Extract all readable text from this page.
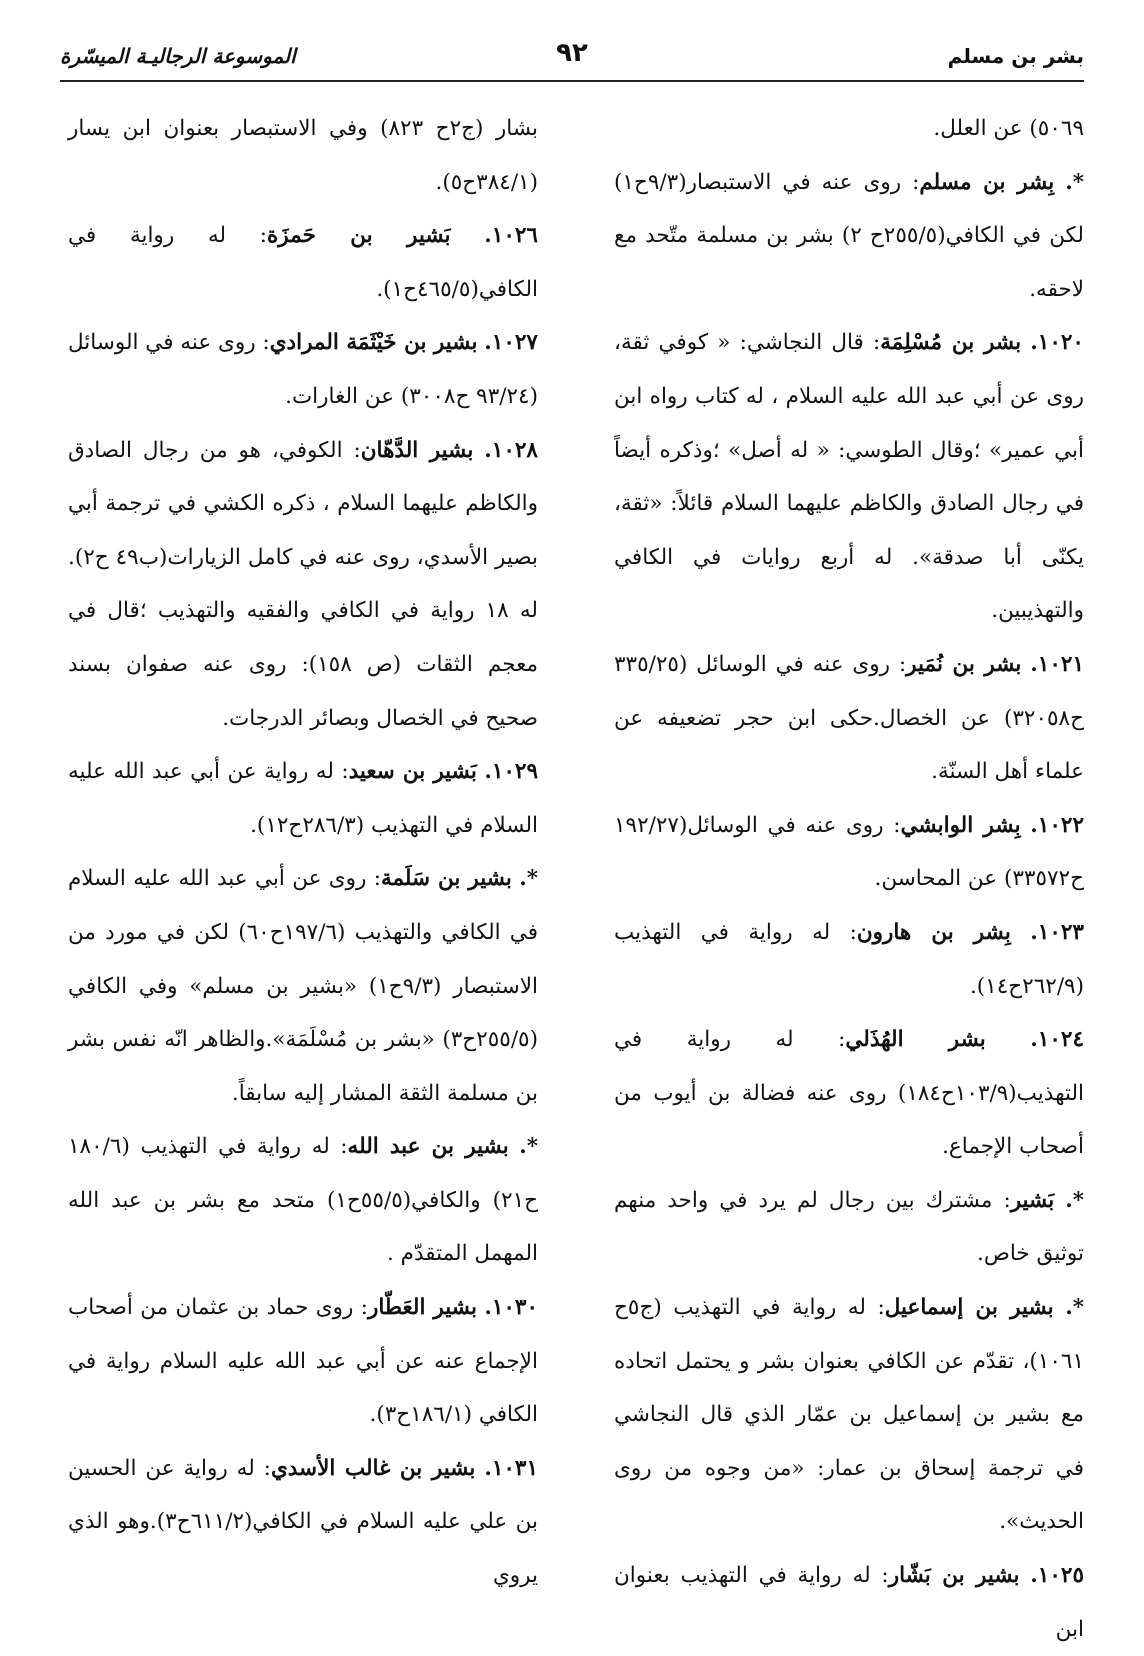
بشر بن مسلم
٩٢
الموسوعة الرجاليـة الميسّرة

٥٠٦٩) عن العلل.

*. بِشر بن مسلم: روى عنه في الاستبصار(٩/٣ح١) لكن في الكافي(٢٥٥/٥ح ٢) بشر بن مسلمة متّحد مع لاحقه.

١٠٢٠. بشر بن مُسْلِمَة: قال النجاشي: « كوفي ثقة، روى عن أبي عبد الله عليه السلام ، له كتاب رواه ابن أبي عمير» ؛وقال الطوسي: « له أصل» ؛وذكره أيضاً في رجال الصادق والكاظم عليهما السلام قائلاً: «ثقة، يكنّى أبا صدقة». له أربع روايات في الكافي والتهذيبين.

١٠٢١. بشر بن نُمَير: روى عنه في الوسائل (٣٣٥/٢٥ ح٣٢٠٥٨) عن الخصال.حكى ابن حجر تضعيفه عن علماء أهل السنّة.

١٠٢٢. بِشر الوابشي: روى عنه في الوسائل(١٩٢/٢٧ ح٣٣٥٧٢) عن المحاسن.

١٠٢٣. بِشر بن هارون: له رواية في التهذيب (٢٦٢/٩ح١٤).

١٠٢٤. بشر الهُذَلي: له رواية في التهذيب(١٠٣/٩ح١٨٤) روى عنه فضالة بن أيوب من أصحاب الإجماع.

*. بَشير: مشترك بين رجال لم يرد في واحد منهم توثيق خاص.

*. بشير بن إسماعيل: له رواية في التهذيب (ج٥ح ١٠٦١)، تقدّم عن الكافي بعنوان بشر و يحتمل اتحاده مع بشير بن إسماعيل بن عمّار الذي قال النجاشي في ترجمة إسحاق بن عمار: «من وجوه من روى الحديث».

١٠٢٥. بشير بن بَشّار: له رواية في التهذيب بعنوان ابن

بشار (ج٢ح ٨٢٣) وفي الاستبصار بعنوان ابن يسار (٣٨٤/١ح٥).

١٠٢٦. بَشير بن حَمزَة: له رواية في الكافي(٤٦٥/٥ح١).

١٠٢٧. بشير بن خَيْثَمَة المرادي: روى عنه في الوسائل (٩٣/٢٤ ح٣٠٠٨) عن الغارات.

١٠٢٨. بشير الدَّهّان: الكوفي، هو من رجال الصادق والكاظم عليهما السلام ، ذكره الكشي في ترجمة أبي بصير الأسدي، روى عنه في كامل الزيارات(ب٤٩ ح٢). له ١٨ رواية في الكافي والفقيه والتهذيب ؛قال في معجم الثقات (ص ١٥٨): روى عنه صفوان بسند صحيح في الخصال وبصائر الدرجات.

١٠٢٩. بَشير بن سعيد: له رواية عن أبي عبد الله عليه السلام في التهذيب (٢٨٦/٣ح١٢).

*. بشير بن سَلَمة: روى عن أبي عبد الله عليه السلام في الكافي والتهذيب (١٩٧/٦ح٦٠) لكن في مورد من الاستبصار (٩/٣ح١) «بشير بن مسلم» وفي الكافي (٢٥٥/٥ح٣) «بشر بن مُسْلَمَة».والظاهر انّه نفس بشر بن مسلمة الثقة المشار إليه سابقاً.

*. بشير بن عبد الله: له رواية في التهذيب (١٨٠/٦ ح٢١) والكافي(٥٥/٥ح١) متحد مع بشر بن عبد الله المهمل المتقدّم .

١٠٣٠. بشير العَطّار: روى حماد بن عثمان من أصحاب الإجماع عنه عن أبي عبد الله عليه السلام رواية في الكافي (١٨٦/١ح٣).

١٠٣١. بشير بن غالب الأسدي: له رواية عن الحسين بن علي عليه السلام في الكافي(٦١١/٢ح٣).وهو الذي يروي
